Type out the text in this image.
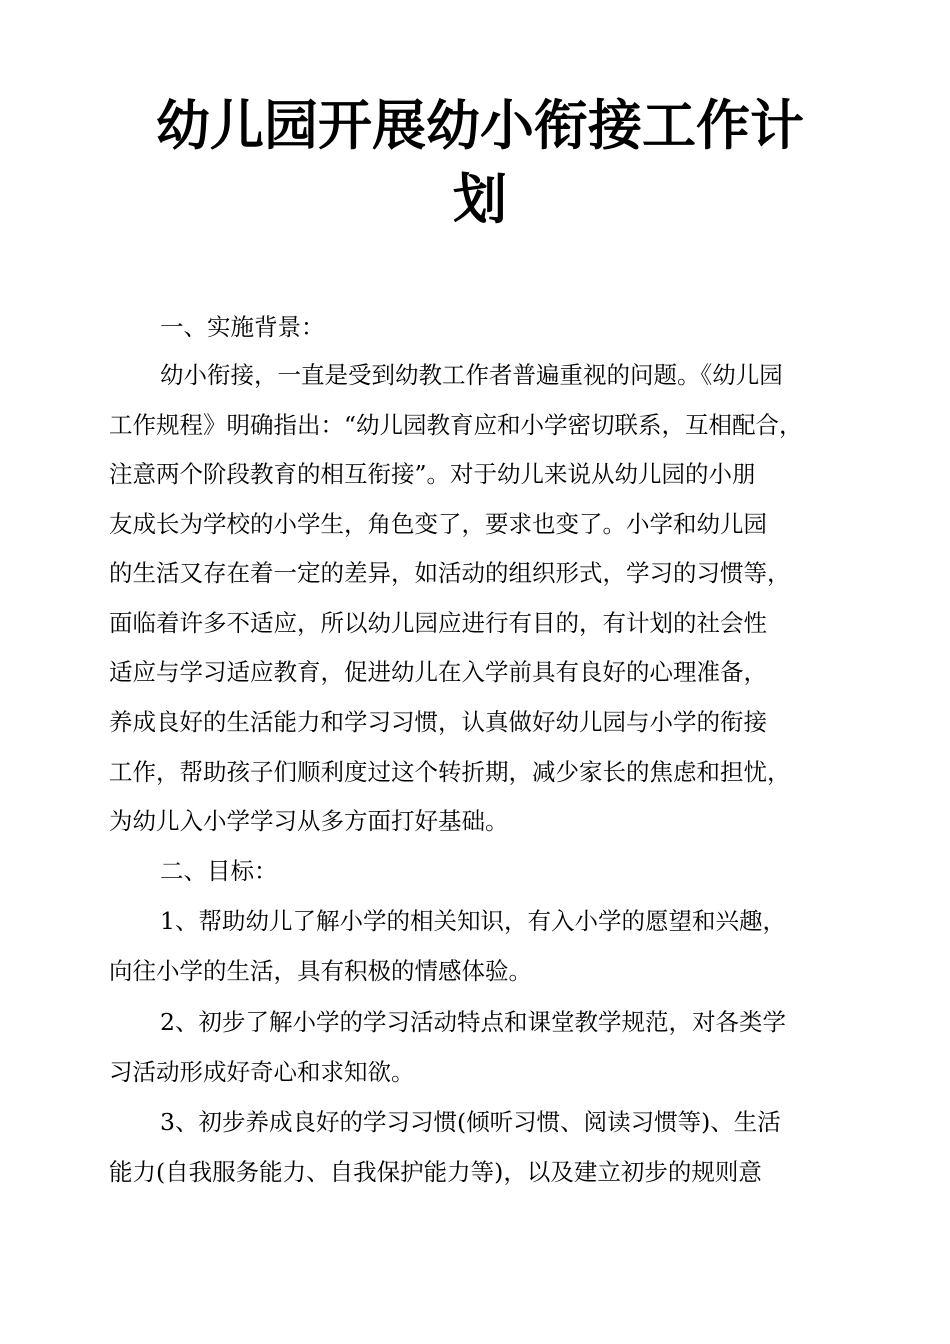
幼儿园开展幼小衔接工作计
划
一、实施背景：
幼小衔接，一直是受到幼教工作者普遍重视的问题。《幼儿园
工作规程》明确指出：“幼儿园教育应和小学密切联系，互相配合，
注意两个阶段教育的相互衔接”。对于幼儿来说从幼儿园的小朋
友成长为学校的小学生，角色变了，要求也变了。小学和幼儿园
的生活又存在着一定的差异，如活动的组织形式，学习的习惯等，
面临着许多不适应，所以幼儿园应进行有目的，有计划的社会性
适应与学习适应教育，促进幼儿在入学前具有良好的心理准备，
养成良好的生活能力和学习习惯，认真做好幼儿园与小学的衔接
工作，帮助孩子们顺利度过这个转折期，减少家长的焦虑和担忧，
为幼儿入小学学习从多方面打好基础。
二、目标：
1、帮助幼儿了解小学的相关知识，有入小学的愿望和兴趣，
向往小学的生活，具有积极的情感体验。
2、初步了解小学的学习活动特点和课堂教学规范，对各类学
习活动形成好奇心和求知欲。
3、初步养成良好的学习习惯(倾听习惯、阅读习惯等)、生活
能力(自我服务能力、自我保护能力等)，以及建立初步的规则意
